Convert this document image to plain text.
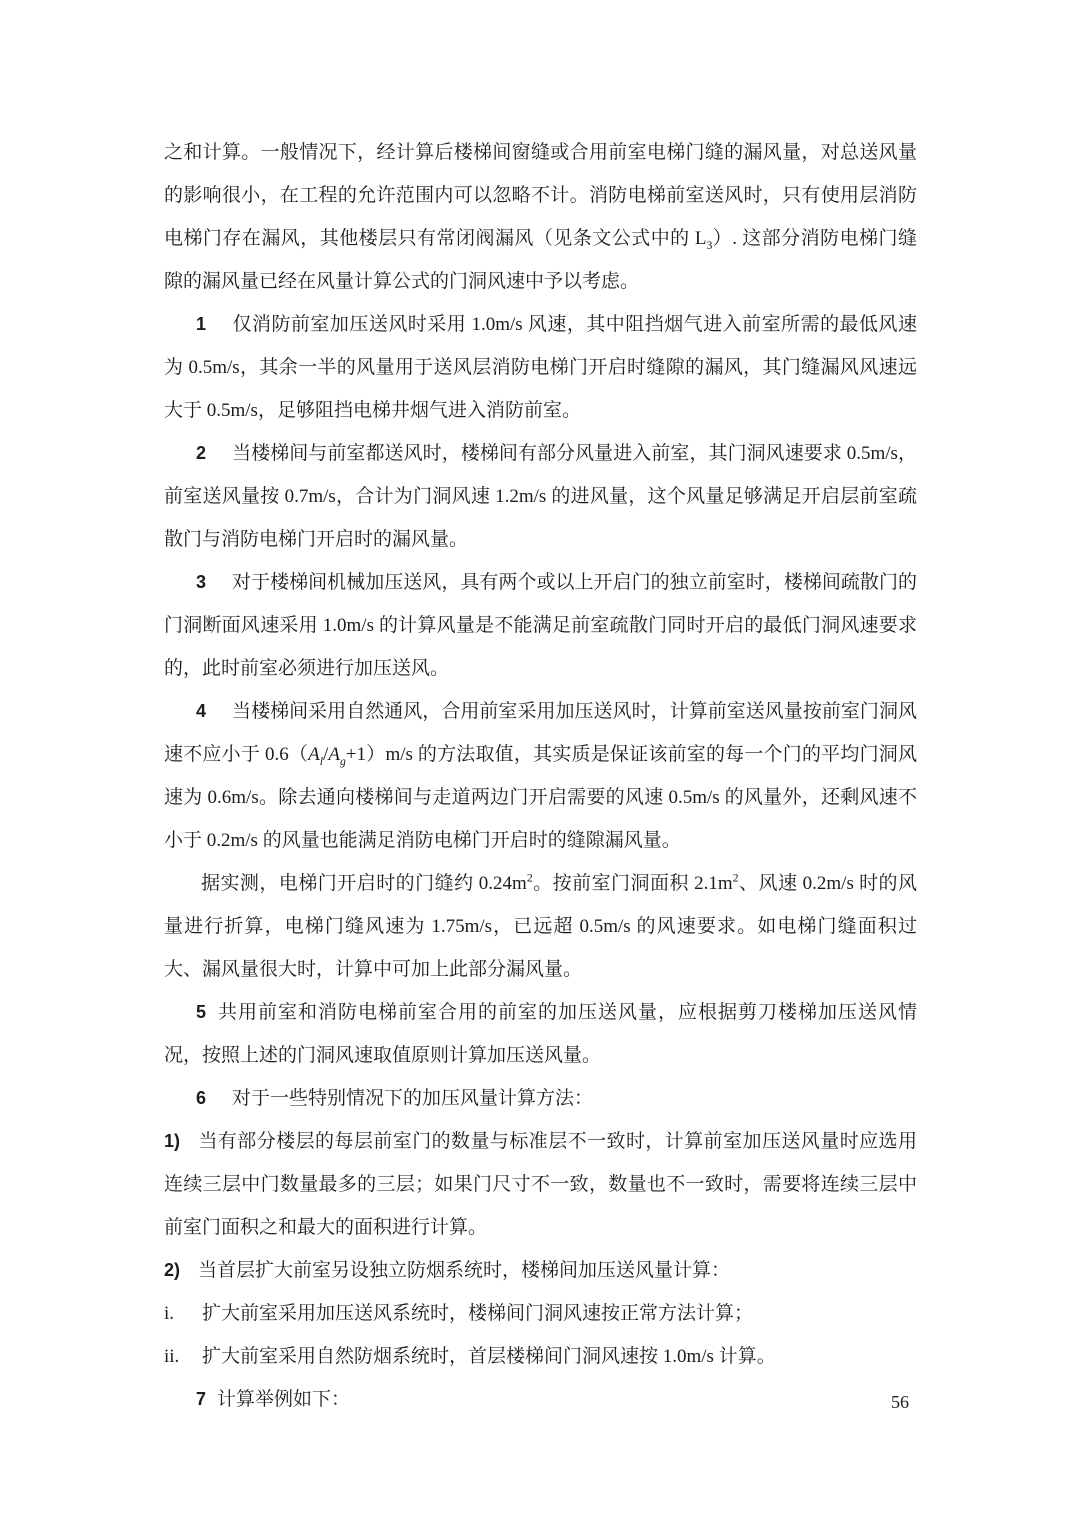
之和计算。一般情况下，经计算后楼梯间窗缝或合用前室电梯门缝的漏风量，对总送风量的影响很小，在工程的允许范围内可以忽略不计。消防电梯前室送风时，只有使用层消防电梯门存在漏风，其他楼层只有常闭阀漏风（见条文公式中的 $L_3$）. 这部分消防电梯门缝隙的漏风量已经在风量计算公式的门洞风速中予以考虑。

1 仅消防前室加压送风时采用 1.0m/s 风速，其中阻挡烟气进入前室所需的最低风速为 0.5m/s，其余一半的风量用于送风层消防电梯门开启时缝隙的漏风，其门缝漏风风速远大于 0.5m/s，足够阻挡电梯井烟气进入消防前室。

2 当楼梯间与前室都送风时，楼梯间有部分风量进入前室，其门洞风速要求 0.5m/s，前室送风量按 0.7m/s，合计为门洞风速 1.2m/s 的进风量，这个风量足够满足开启层前室疏散门与消防电梯门开启时的漏风量。

3 对于楼梯间机械加压送风，具有两个或以上开启门的独立前室时，楼梯间疏散门的门洞断面风速采用 1.0m/s 的计算风量是不能满足前室疏散门同时开启的最低门洞风速要求的，此时前室必须进行加压送风。

4 当楼梯间采用自然通风，合用前室采用加压送风时，计算前室送风量按前室门洞风速不应小于 $0.6(A_l/A_g+1)m/s$ 的方法取值，其实质是保证该前室的每一个门的平均门洞风速为 0.6m/s。除去通向楼梯间与走道两边门开启需要的风速 0.5m/s 的风量外，还剩风速不小于 0.2m/s 的风量也能满足消防电梯门开启时的缝隙漏风量。

据实测，电梯门开启时的门缝约 $0.24m^2$。按前室门洞面积 $2.1m^2$、风速 0.2m/s 时的风量进行折算，电梯门缝风速为 1.75m/s，已远超 0.5m/s 的风速要求。如电梯门缝面积过大、漏风量很大时，计算中可加上此部分漏风量。

5 共用前室和消防电梯前室合用的前室的加压送风量，应根据剪刀楼梯加压送风情况，按照上述的门洞风速取值原则计算加压送风量。

6 对于一些特别情况下的加压风量计算方法：

1) 当有部分楼层的每层前室门的数量与标准层不一致时，计算前室加压送风量时应选用连续三层中门数量最多的三层；如果门尺寸不一致，数量也不一致时，需要将连续三层中前室门面积之和最大的面积进行计算。

2) 当首层扩大前室另设独立防烟系统时，楼梯间加压送风量计算：

i. 扩大前室采用加压送风系统时，楼梯间门洞风速按正常方法计算；

ii. 扩大前室采用自然防烟系统时，首层楼梯间门洞风速按 1.0m/s 计算。

7 计算举例如下：	56
